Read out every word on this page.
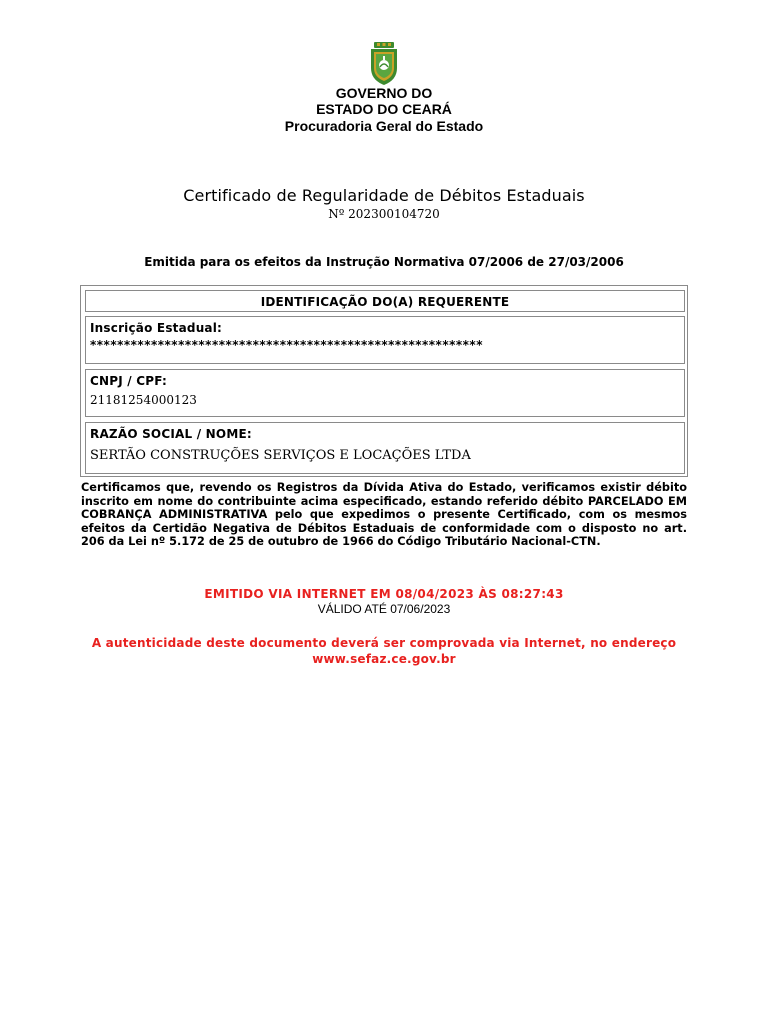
GOVERNO DO
ESTADO DO CEARÁ
Procuradoria Geral do Estado
Certificado de Regularidade de Débitos Estaduais
Nº 202300104720
Emitida para os efeitos da Instrução Normativa 07/2006 de 27/03/2006
IDENTIFICAÇÃO DO(A) REQUERENTE
Inscrição Estadual:
**********************************************************
CNPJ / CPF:
21181254000123
RAZÃO SOCIAL / NOME:
SERTÃO CONSTRUÇÕES SERVIÇOS E LOCAÇÕES LTDA
Certificamos que, revendo os Registros da Dívida Ativa do Estado, verificamos existir débito inscrito em nome do contribuinte acima especificado, estando referido débito PARCELADO EM COBRANÇA ADMINISTRATIVA pelo que expedimos o presente Certificado, com os mesmos efeitos da Certidão Negativa de Débitos Estaduais de conformidade com o disposto no art. 206 da Lei nº 5.172 de 25 de outubro de 1966 do Código Tributário Nacional-CTN.
EMITIDO VIA INTERNET EM 08/04/2023 ÀS 08:27:43
VÁLIDO ATÉ 07/06/2023
A autenticidade deste documento deverá ser comprovada via Internet, no endereço
www.sefaz.ce.gov.br
